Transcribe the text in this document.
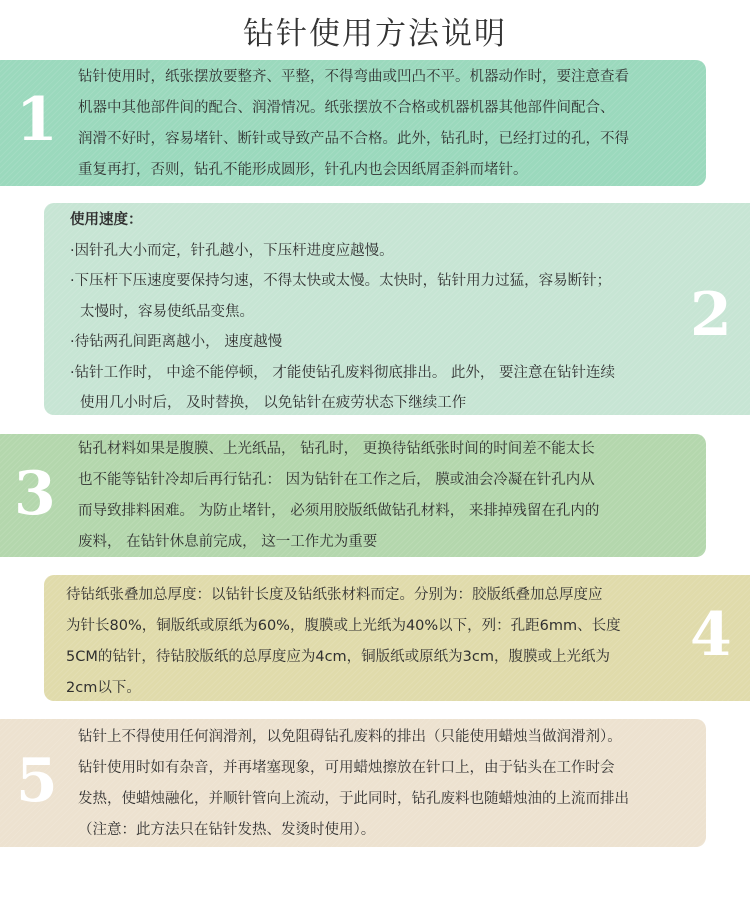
钻针使用方法说明
1
钻针使用时，纸张摆放要整齐、平整，不得弯曲或凹凸不平。机器动作时，要注意查看
机器中其他部件间的配合、润滑情况。纸张摆放不合格或机器机器其他部件间配合、
润滑不好时，容易堵针、断针或导致产品不合格。此外，钻孔时，已经打过的孔，不得
重复再打，否则，钻孔不能形成圆形，针孔内也会因纸屑歪斜而堵针。
2
使用速度：
·因针孔大小而定，针孔越小，下压杆进度应越慢。
·下压杆下压速度要保持匀速，不得太快或太慢。太快时，钻针用力过猛，容易断针；
太慢时，容易使纸品变焦。
·待钻两孔间距离越小， 速度越慢
·钻针工作时， 中途不能停顿， 才能使钻孔废料彻底排出。 此外， 要注意在钻针连续
使用几小时后， 及时替换， 以免钻针在疲劳状态下继续工作
3
钻孔材料如果是腹膜、上光纸品， 钻孔时， 更换待钻纸张时间的时间差不能太长
也不能等钻针冷却后再行钻孔： 因为钻针在工作之后， 膜或油会冷凝在针孔内从
而导致排料困难。 为防止堵针， 必须用胶版纸做钻孔材料， 来排掉残留在孔内的
废料， 在钻针休息前完成， 这一工作尤为重要
4
待钻纸张叠加总厚度：以钻针长度及钻纸张材料而定。分别为：胶版纸叠加总厚度应
为针长80%，铜版纸或原纸为60%，腹膜或上光纸为40%以下，列：孔距6mm、长度
5CM的钻针，待钻胶版纸的总厚度应为4cm，铜版纸或原纸为3cm，腹膜或上光纸为
2cm以下。
5
钻针上不得使用任何润滑剂，以免阻碍钻孔废料的排出（只能使用蜡烛当做润滑剂）。
钻针使用时如有杂音，并再堵塞现象，可用蜡烛擦放在针口上，由于钻头在工作时会
发热，使蜡烛融化，并顺针管向上流动，于此同时，钻孔废料也随蜡烛油的上流而排出
（注意：此方法只在钻针发热、发烫时使用）。
